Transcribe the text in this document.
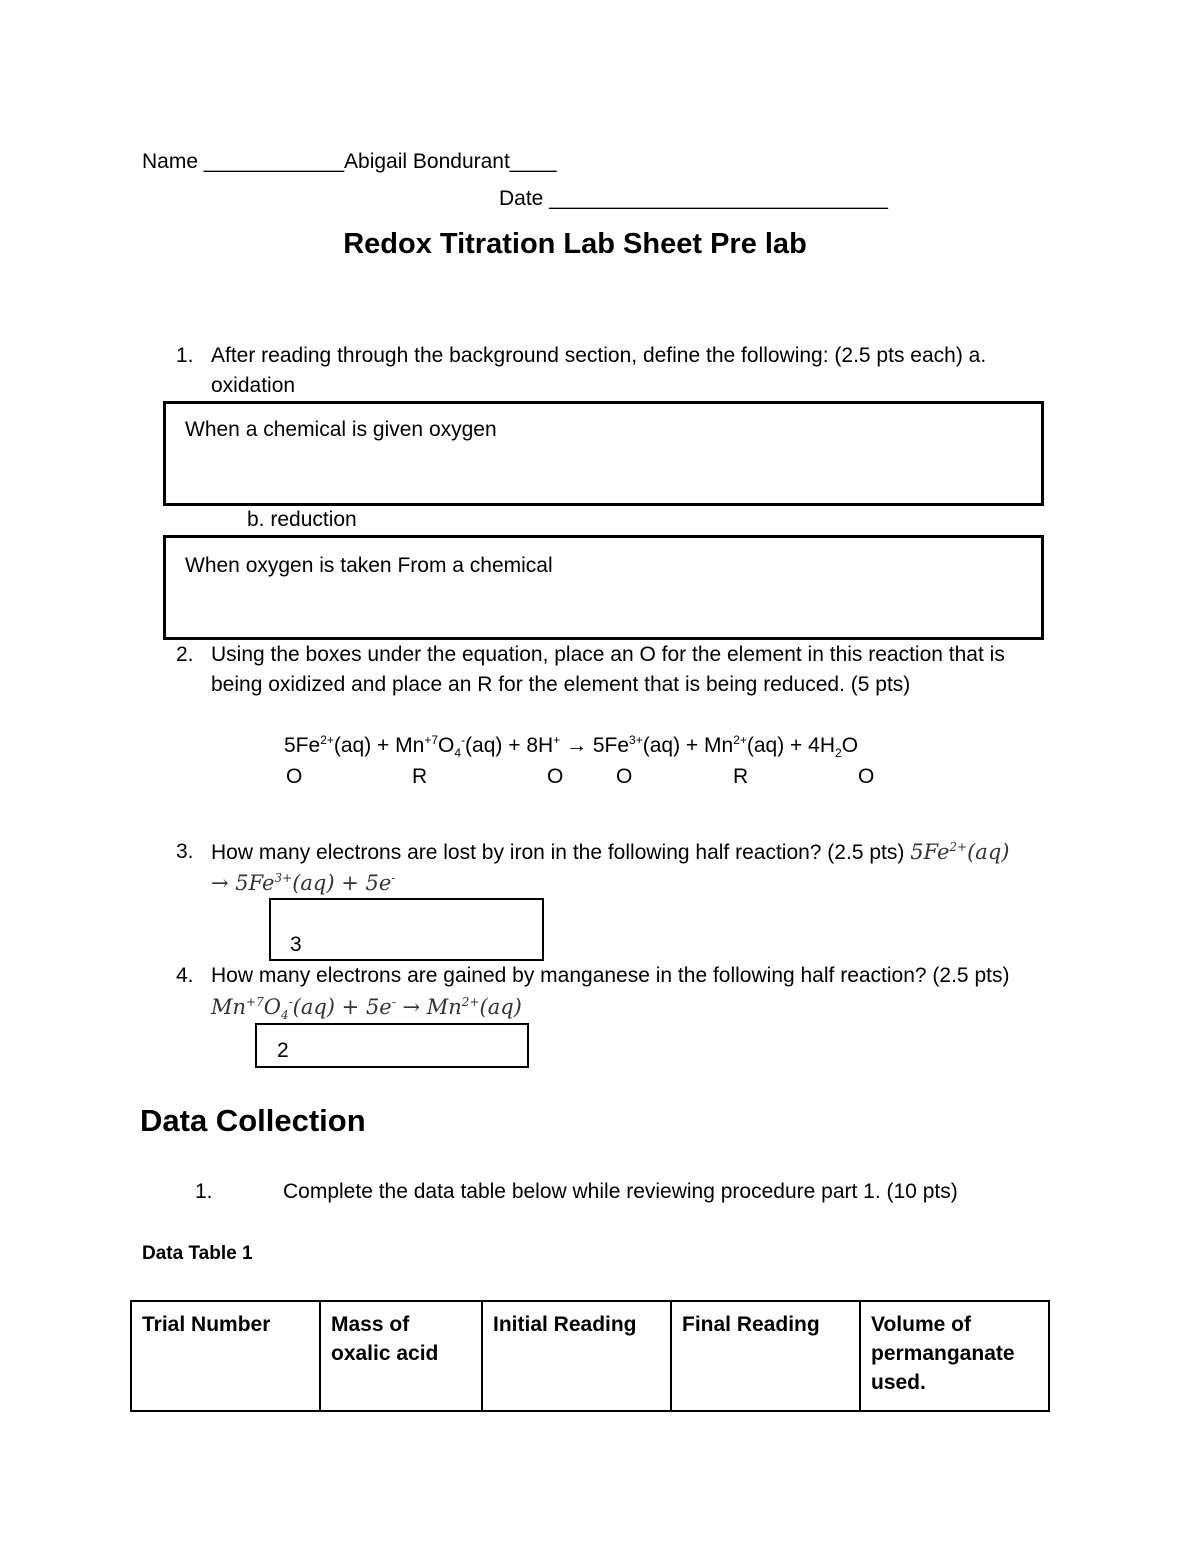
Name ____________Abigail Bondurant____
Date _____________________________
Redox Titration Lab Sheet Pre lab
1. After reading through the background section, define the following: (2.5 pts each) a.
oxidation
When a chemical is given oxygen
b. reduction
When oxygen is taken From a chemical
2. Using the boxes under the equation, place an O for the element in this reaction that is
being oxidized and place an R for the element that is being reduced. (5 pts)
$5Fe^{2+}(aq) + Mn^{+7}O_4^-(aq) + 8H^+ \to 5Fe^{3+}(aq) + Mn^{2+}(aq) + 4H_2O$
O	R	O	O	R	O
3. How many electrons are lost by iron in the following half reaction? (2.5 pts) $5Fe^{2+}(aq)$
→ $5Fe^{3+}(aq) + 5e^-$
3
4. How many electrons are gained by manganese in the following half reaction? (2.5 pts)
$Mn^{+7}O_4^-(aq) + 5e^- \to Mn^{2+}(aq)$
2
Data Collection
1.	Complete the data table below while reviewing procedure part 1. (10 pts)
Data Table 1
Trial Number	Mass of oxalic acid	Initial Reading	Final Reading	Volume of permanganate used.
